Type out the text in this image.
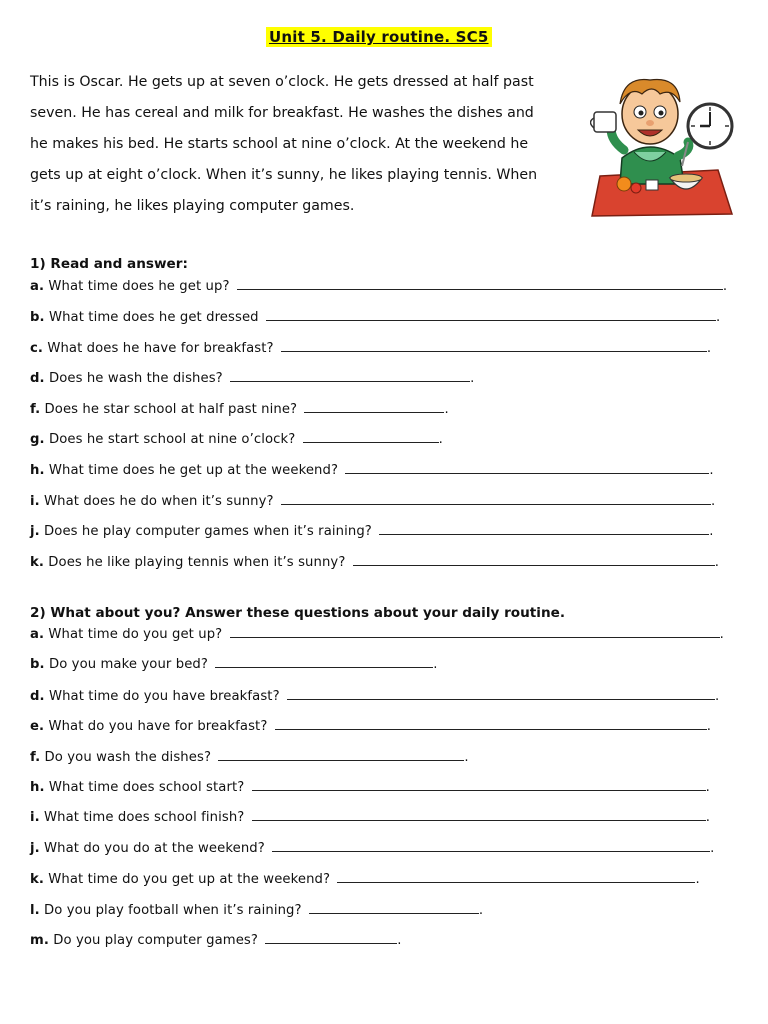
Unit 5. Daily routine. SC5
This is Oscar. He gets up at seven o’clock. He gets dressed at half past
seven. He has cereal and milk for breakfast. He washes the dishes and
he makes his bed. He starts school at nine o’clock. At the weekend he
gets up at eight o’clock. When it’s sunny, he likes playing tennis. When
it’s raining, he likes playing computer games.
1) Read and answer:
a. What time does he get up?	.
b. What time does he get dressed	.
c. What does he have for breakfast?	.
d. Does he wash the dishes?	.
f. Does he star school at half past nine?	.
g. Does he start school at nine o’clock?	.
h. What time does he get up at the weekend?	.
i. What does he do when it’s sunny?	.
j. Does he play computer games when it’s raining?	.
k. Does he like playing tennis when it’s sunny?	.
2) What about you? Answer these questions about your daily routine.
a. What time do you get up?	.
b. Do you make your bed?	.
d. What time do you have breakfast?	.
e. What do you have for breakfast?	.
f. Do you wash the dishes?	.
h. What time does school start?	.
i. What time does school finish?	.
j. What do you do at the weekend?	.
k. What time do you get up at the weekend?	.
l. Do you play football when it’s raining?	.
m. Do you play computer games?	.
